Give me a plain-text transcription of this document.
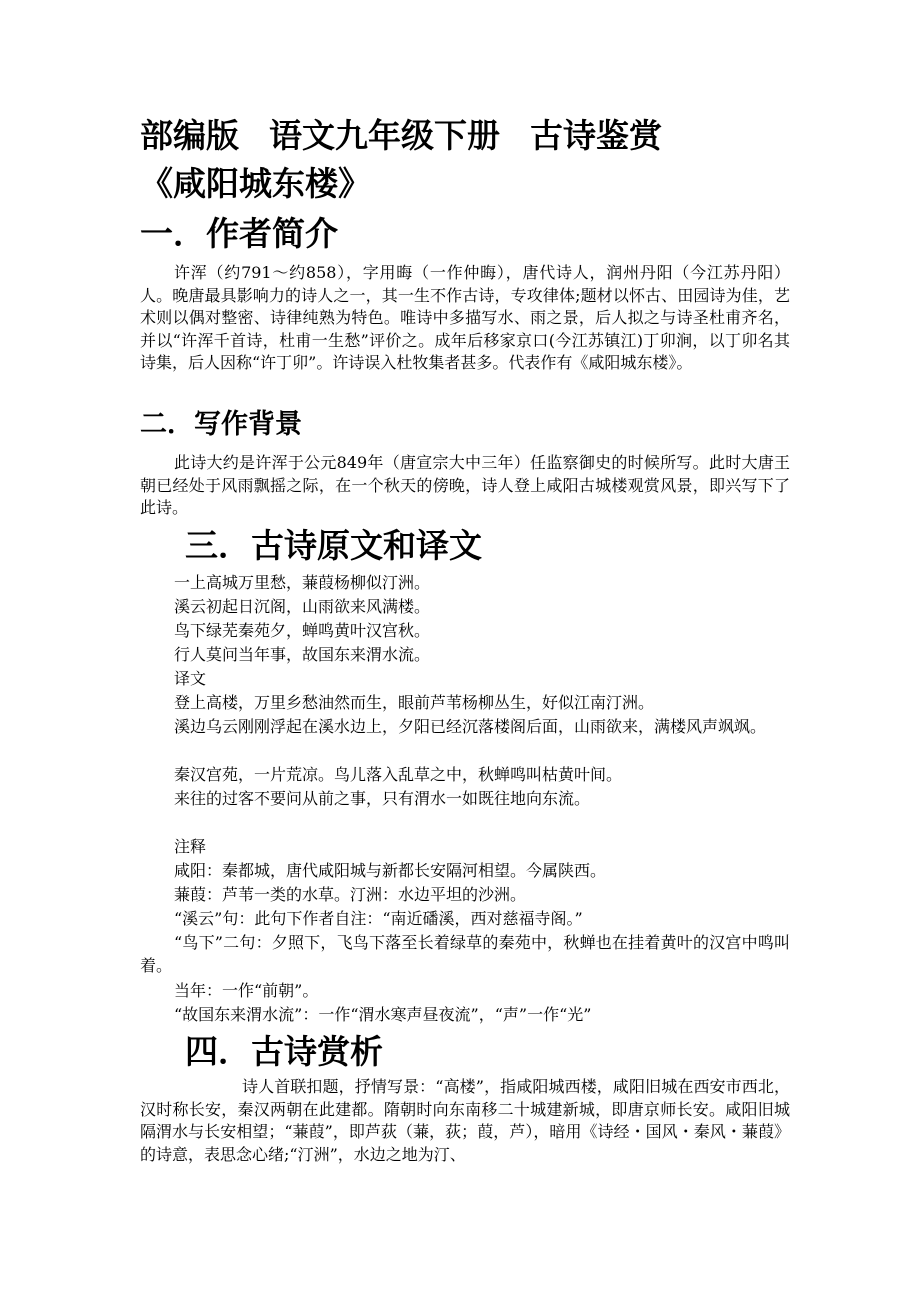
部编版 语文九年级下册 古诗鉴赏
《咸阳城东楼》
一．作者简介
许浑（约791～约858），字用晦（一作仲晦），唐代诗人，润州丹阳（今江苏丹阳）人。晚唐最具影响力的诗人之一，其一生不作古诗，专攻律体;题材以怀古、田园诗为佳，艺术则以偶对整密、诗律纯熟为特色。唯诗中多描写水、雨之景，后人拟之与诗圣杜甫齐名，并以“许浑千首诗，杜甫一生愁”评价之。成年后移家京口(今江苏镇江)丁卯涧，以丁卯名其诗集，后人因称“许丁卯”。许诗误入杜牧集者甚多。代表作有《咸阳城东楼》。
二．写作背景
此诗大约是许浑于公元849年（唐宣宗大中三年）任监察御史的时候所写。此时大唐王朝已经处于风雨飘摇之际，在一个秋天的傍晚，诗人登上咸阳古城楼观赏风景，即兴写下了此诗。
三．古诗原文和译文
一上高城万里愁，蒹葭杨柳似汀洲。
溪云初起日沉阁，山雨欲来风满楼。
鸟下绿芜秦苑夕，蝉鸣黄叶汉宫秋。
行人莫问当年事，故国东来渭水流。
译文
登上高楼，万里乡愁油然而生，眼前芦苇杨柳丛生，好似江南汀洲。
溪边乌云刚刚浮起在溪水边上，夕阳已经沉落楼阁后面，山雨欲来，满楼风声飒飒。
秦汉宫苑，一片荒凉。鸟儿落入乱草之中，秋蝉鸣叫枯黄叶间。
来往的过客不要问从前之事，只有渭水一如既往地向东流。
注释
咸阳：秦都城，唐代咸阳城与新都长安隔河相望。今属陕西。
蒹葭：芦苇一类的水草。汀洲：水边平坦的沙洲。
“溪云”句：此句下作者自注：“南近磻溪，西对慈福寺阁。”
“鸟下”二句：夕照下，飞鸟下落至长着绿草的秦苑中，秋蝉也在挂着黄叶的汉宫中鸣叫着。
当年：一作“前朝”。
“故国东来渭水流”：一作“渭水寒声昼夜流”，“声”一作“光”
四．古诗赏析
诗人首联扣题，抒情写景：“高楼”，指咸阳城西楼，咸阳旧城在西安市西北，汉时称长安，秦汉两朝在此建都。隋朝时向东南移二十城建新城，即唐京师长安。咸阳旧城隔渭水与长安相望；“蒹葭”，即芦荻（蒹，荻；葭，芦），暗用《诗经・国风・秦风・蒹葭》的诗意，表思念心绪;“汀洲”，水边之地为汀、
